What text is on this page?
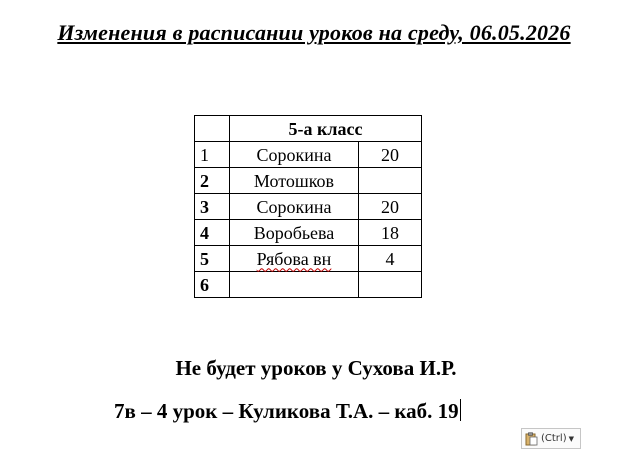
Изменения в расписании уроков на среду, 06.05.2026
	5-а класс	
1	Сорокина	20
2	Мотошков	
3	Сорокина	20
4	Воробьева	18
5	Рябова вн	4
6		
Не будет уроков у Сухова И.Р.
7в – 4 урок – Куликова Т.А. – каб. 19
(Ctrl) ▼
